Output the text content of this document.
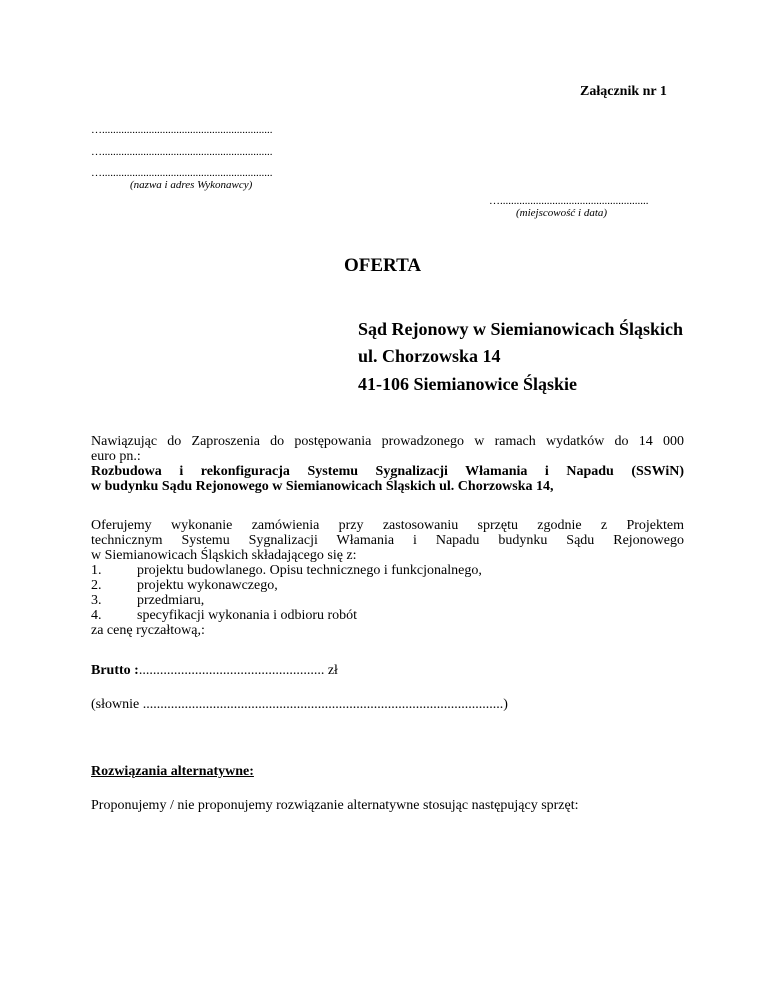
Załącznik nr 1
…..............................................................
…..............................................................
…..............................................................
(nazwa i adres Wykonawcy)
…......................................................
(miejscowość i data)
OFERTA
Sąd Rejonowy w Siemianowicach Śląskich
ul. Chorzowska 14
41-106 Siemianowice Śląskie
Nawiązując do Zaproszenia do postępowania prowadzonego w ramach wydatków do 14 000
euro pn.:
Rozbudowa i rekonfiguracja Systemu Sygnalizacji Włamania i Napadu (SSWiN)
w budynku Sądu Rejonowego w Siemianowicach Śląskich ul. Chorzowska 14,
Oferujemy wykonanie zamówienia przy zastosowaniu sprzętu zgodnie z Projektem
technicznym Systemu Sygnalizacji Włamania i Napadu budynku Sądu Rejonowego
w Siemianowicach Śląskich składającego się z:
1.	projektu budowlanego. Opisu technicznego i funkcjonalnego,
2.	projektu wykonawczego,
3.	przedmiaru,
4.	specyfikacji wykonania i odbioru robót
za cenę ryczałtową,:
Brutto :..................................................... zł
(słownie .......................................................................................................)
Rozwiązania alternatywne:
Proponujemy / nie proponujemy rozwiązanie alternatywne stosując następujący sprzęt:
